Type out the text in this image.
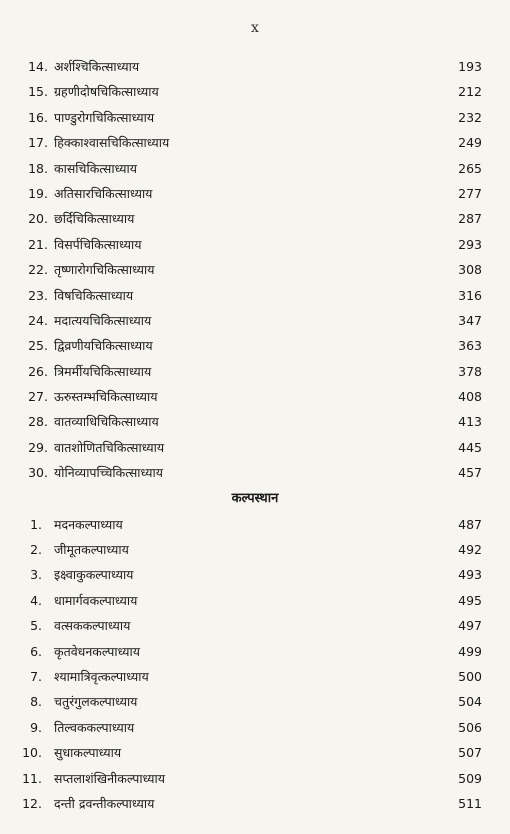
x
14. अर्शश्चिकित्साध्याय	193
15. ग्रहणीदोषचिकित्साध्याय	212
16. पाण्डुरोगचिकित्साध्याय	232
17. हिक्काश्वासचिकित्साध्याय	249
18. कासचिकित्साध्याय	265
19. अतिसारचिकित्साध्याय	277
20. छर्दिचिकित्साध्याय	287
21. विसर्पचिकित्साध्याय	293
22. तृष्णारोगचिकित्साध्याय	308
23. विषचिकित्साध्याय	316
24. मदात्ययचिकित्साध्याय	347
25. द्विव्रणीयचिकित्साध्याय	363
26. त्रिमर्मीयचिकित्साध्याय	378
27. ऊरुस्तम्भचिकित्साध्याय	408
28. वातव्याधिचिकित्साध्याय	413
29. वातशोणितचिकित्साध्याय	445
30. योनिव्यापच्चिकित्साध्याय	457
कल्पस्थान
1. मदनकल्पाध्याय	487
2. जीमूतकल्पाध्याय	492
3. इक्ष्वाकुकल्पाध्याय	493
4. धामार्गवकल्पाध्याय	495
5. वत्सककल्पाध्याय	497
6. कृतवेधनकल्पाध्याय	499
7. श्यामात्रिवृत्कल्पाध्याय	500
8. चतुरंगुलकल्पाध्याय	504
9. तिल्वककल्पाध्याय	506
10. सुधाकल्पाध्याय	507
11. सप्तलाशंखिनीकल्पाध्याय	509
12. दन्ती द्रवन्तीकल्पाध्याय	511
